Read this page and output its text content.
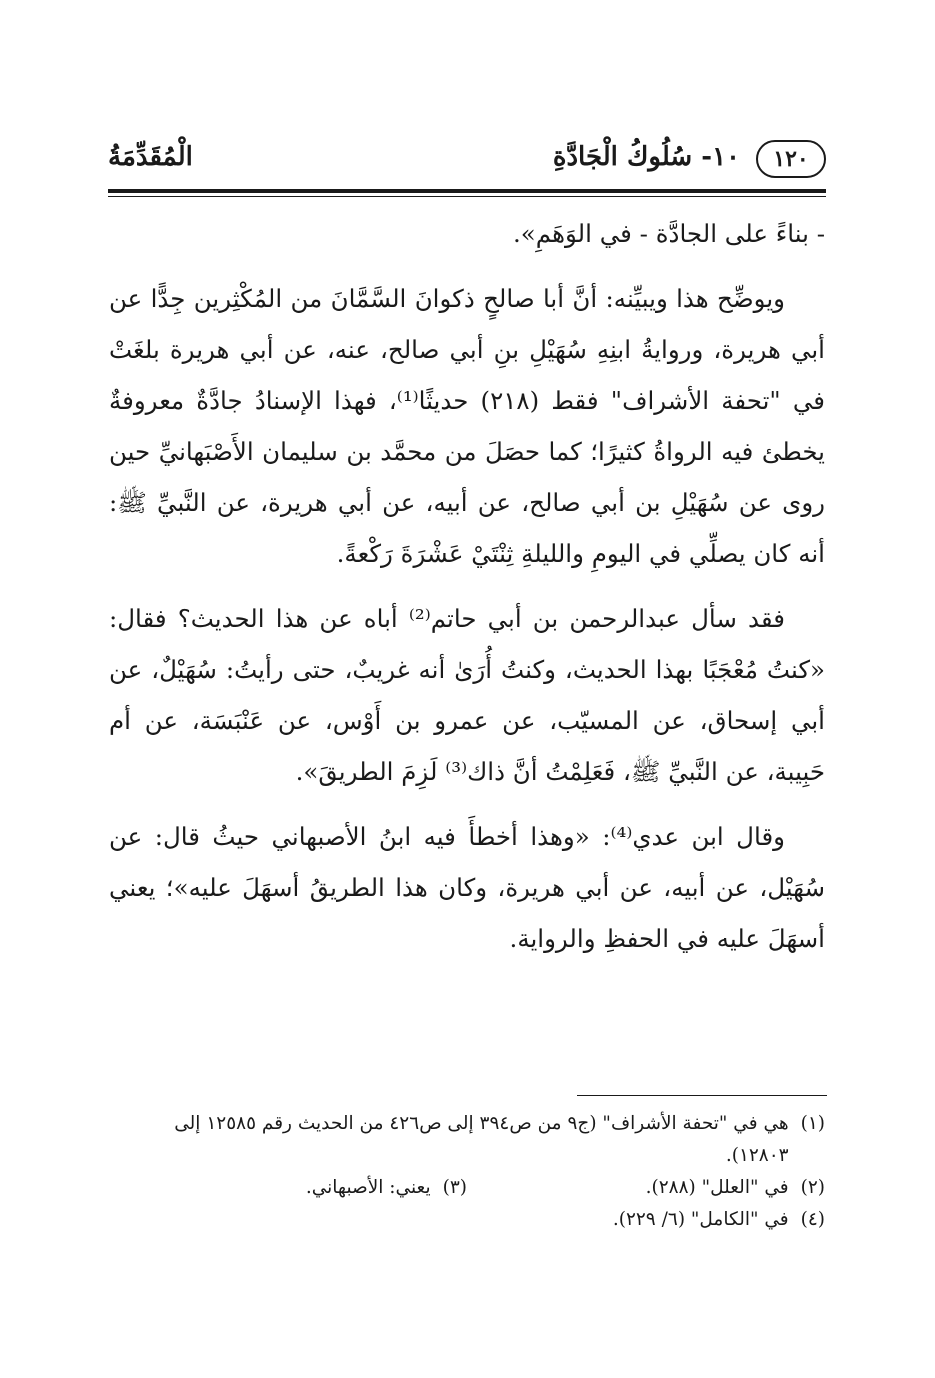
١٢٠
١٠- سُلُوكُ الْجَادَّةِ
الْمُقَدِّمَةُ

- بناءً على الجادَّة - في الوَهَمِ».

ويوضِّح هذا ويبيِّنه: أنَّ أبا صالحٍ ذكوانَ السَّمَّانَ من المُكْثِرين جِدًّا عن أبي هريرة، وروايةُ ابنِهِ سُهَيْلِ بنِ أبي صالح، عنه، عن أبي هريرة بلغَتْ في "تحفة الأشراف" فقط (٢١٨) حديثًا⁽¹⁾، فهذا الإسنادُ جادَّةٌ معروفةٌ يخطئ فيه الرواةُ كثيرًا؛ كما حصَلَ من محمَّد بن سليمان الأَصْبَهانيِّ حين روى عن سُهَيْلِ بن أبي صالح، عن أبيه، عن أبي هريرة، عن النَّبيِّ ﷺ: أنه كان يصلِّي في اليومِ والليلةِ ثِنْتَيْ عَشْرَةَ رَكْعةً.

فقد سأل عبدالرحمن بن أبي حاتم⁽²⁾ أباه عن هذا الحديث؟ فقال: «كنتُ مُعْجَبًا بهذا الحديث، وكنتُ أُرَىٰ أنه غريبٌ، حتى رأيتُ: سُهَيْلٌ، عن أبي إسحاق، عن المسيّب، عن عمرو بن أَوْس، عن عَنْبَسَة، عن أم حَبِيبة، عن النَّبيِّ ﷺ، فَعَلِمْتُ أنَّ ذاك⁽³⁾ لَزِمَ الطريقَ».

وقال ابن عدي⁽⁴⁾: «وهذا أخطأَ فيه ابنُ الأصبهاني حيثُ قال: عن سُهَيْل، عن أبيه، عن أبي هريرة، وكان هذا الطريقُ أسهَلَ عليه»؛ يعني أسهَلَ عليه في الحفظِ والرواية.

(١)
هي في "تحفة الأشراف" (ج٩ من ص٣٩٤ إلى ص٤٢٦ من الحديث رقم ١٢٥٨٥ إلى ١٢٨٠٣).
(٢)
في "العلل" (٢٨٨).
(٣)
يعني: الأصبهاني.
(٤)
في "الكامل" (٦/ ٢٢٩).
